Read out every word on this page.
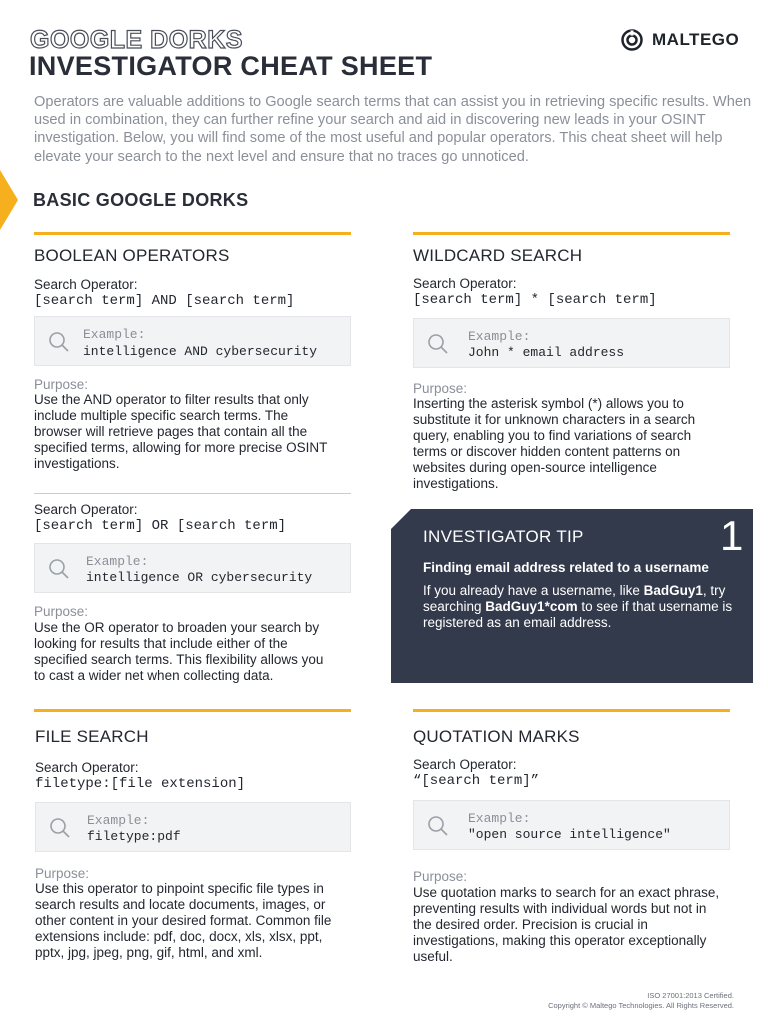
GOOGLE DORKS
INVESTIGATOR CHEAT SHEET
MALTEGO
Operators are valuable additions to Google search terms that can assist you in retrieving specific results. When used in combination, they can further refine your search and aid in discovering new leads in your OSINT investigation. Below, you will find some of the most useful and popular operators. This cheat sheet will help elevate your search to the next level and ensure that no traces go unnoticed.
BASIC GOOGLE DORKS
BOOLEAN OPERATORS
Search Operator:
[search term] AND [search term]
Example:
intelligence AND cybersecurity
Purpose:
Use the AND operator to filter results that only include multiple specific search terms. The browser will retrieve pages that contain all the specified terms, allowing for more precise OSINT investigations.
Search Operator:
[search term] OR [search term]
Example:
intelligence OR cybersecurity
Purpose:
Use the OR operator to broaden your search by looking for results that include either of the specified search terms. This flexibility allows you to cast a wider net when collecting data.
WILDCARD SEARCH
Search Operator:
[search term] * [search term]
Example:
John * email address
Purpose:
Inserting the asterisk symbol (*) allows you to substitute it for unknown characters in a search query, enabling you to find variations of search terms or discover hidden content patterns on websites during open-source intelligence investigations.
INVESTIGATOR TIP	1
Finding email address related to a username
If you already have a username, like BadGuy1, try searching BadGuy1*com to see if that username is registered as an email address.
FILE SEARCH
Search Operator:
filetype:[file extension]
Example:
filetype:pdf
Purpose:
Use this operator to pinpoint specific file types in search results and locate documents, images, or other content in your desired format. Common file extensions include: pdf, doc, docx, xls, xlsx, ppt, pptx, jpg, jpeg, png, gif, html, and xml.
QUOTATION MARKS
Search Operator:
“[search term]”
Example:
"open source intelligence"
Purpose:
Use quotation marks to search for an exact phrase, preventing results with individual words but not in the desired order. Precision is crucial in investigations, making this operator exceptionally useful.
ISO 27001:2013 Certified.
Copyright © Maltego Technologies. All Rights Reserved.
